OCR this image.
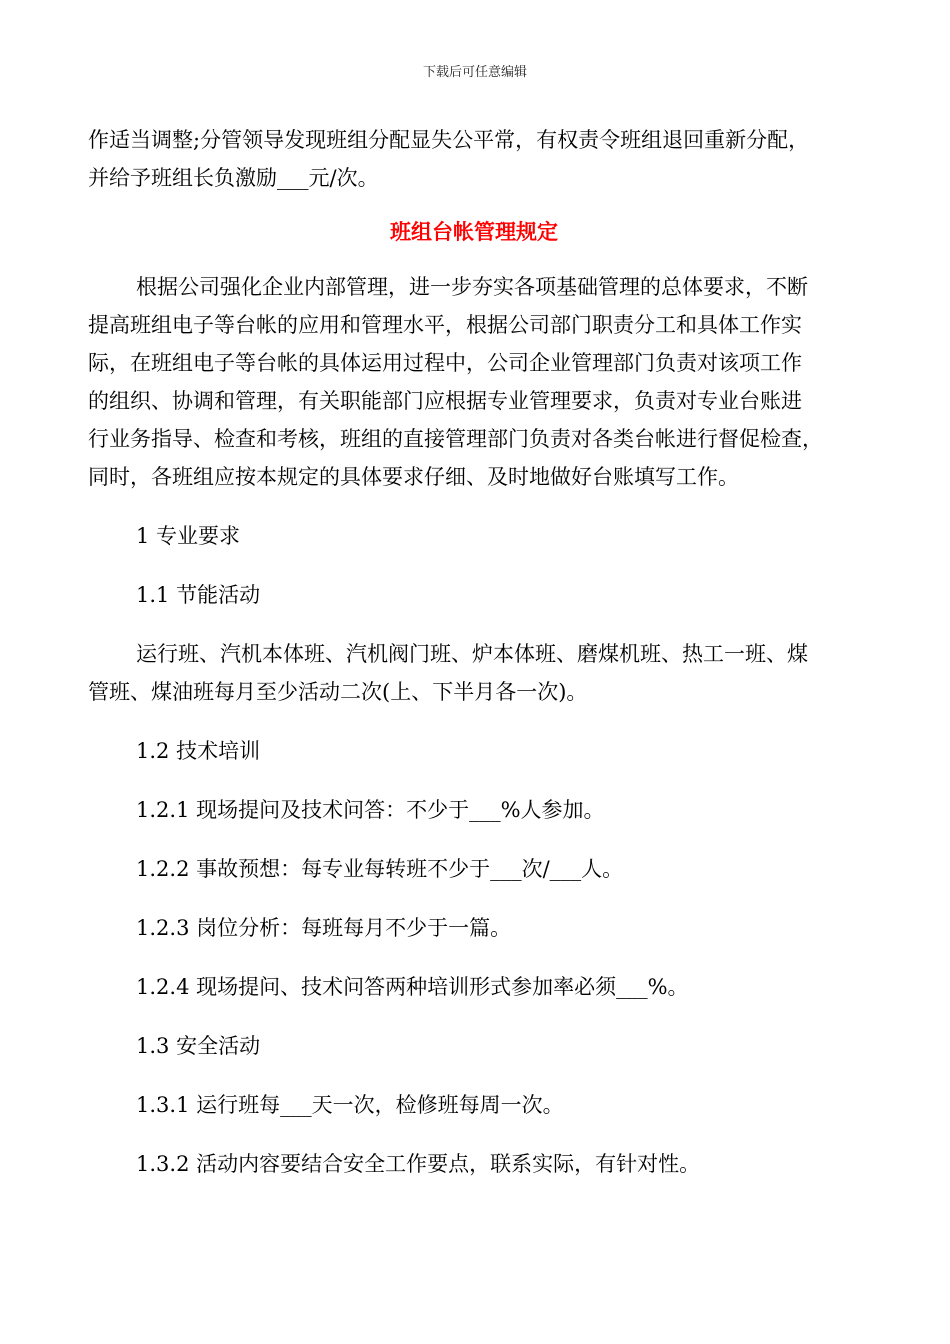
下载后可任意编辑

作适当调整;分管领导发现班组分配显失公平常，有权责令班组退回重新分配，

并给予班组长负激励___元/次。

班组台帐管理规定

根据公司强化企业内部管理，进一步夯实各项基础管理的总体要求，不断

提高班组电子等台帐的应用和管理水平，根据公司部门职责分工和具体工作实

际，在班组电子等台帐的具体运用过程中，公司企业管理部门负责对该项工作

的组织、协调和管理，有关职能部门应根据专业管理要求，负责对专业台账进

行业务指导、检查和考核，班组的直接管理部门负责对各类台帐进行督促检查，

同时，各班组应按本规定的具体要求仔细、及时地做好台账填写工作。

1 专业要求

1.1 节能活动

运行班、汽机本体班、汽机阀门班、炉本体班、磨煤机班、热工一班、煤

管班、煤油班每月至少活动二次(上、下半月各一次)。

1.2 技术培训

1.2.1 现场提问及技术问答：不少于___%人参加。

1.2.2 事故预想：每专业每转班不少于___次/___人。

1.2.3 岗位分析：每班每月不少于一篇。

1.2.4 现场提问、技术问答两种培训形式参加率必须___%。

1.3 安全活动

1.3.1 运行班每___天一次，检修班每周一次。

1.3.2 活动内容要结合安全工作要点，联系实际，有针对性。
